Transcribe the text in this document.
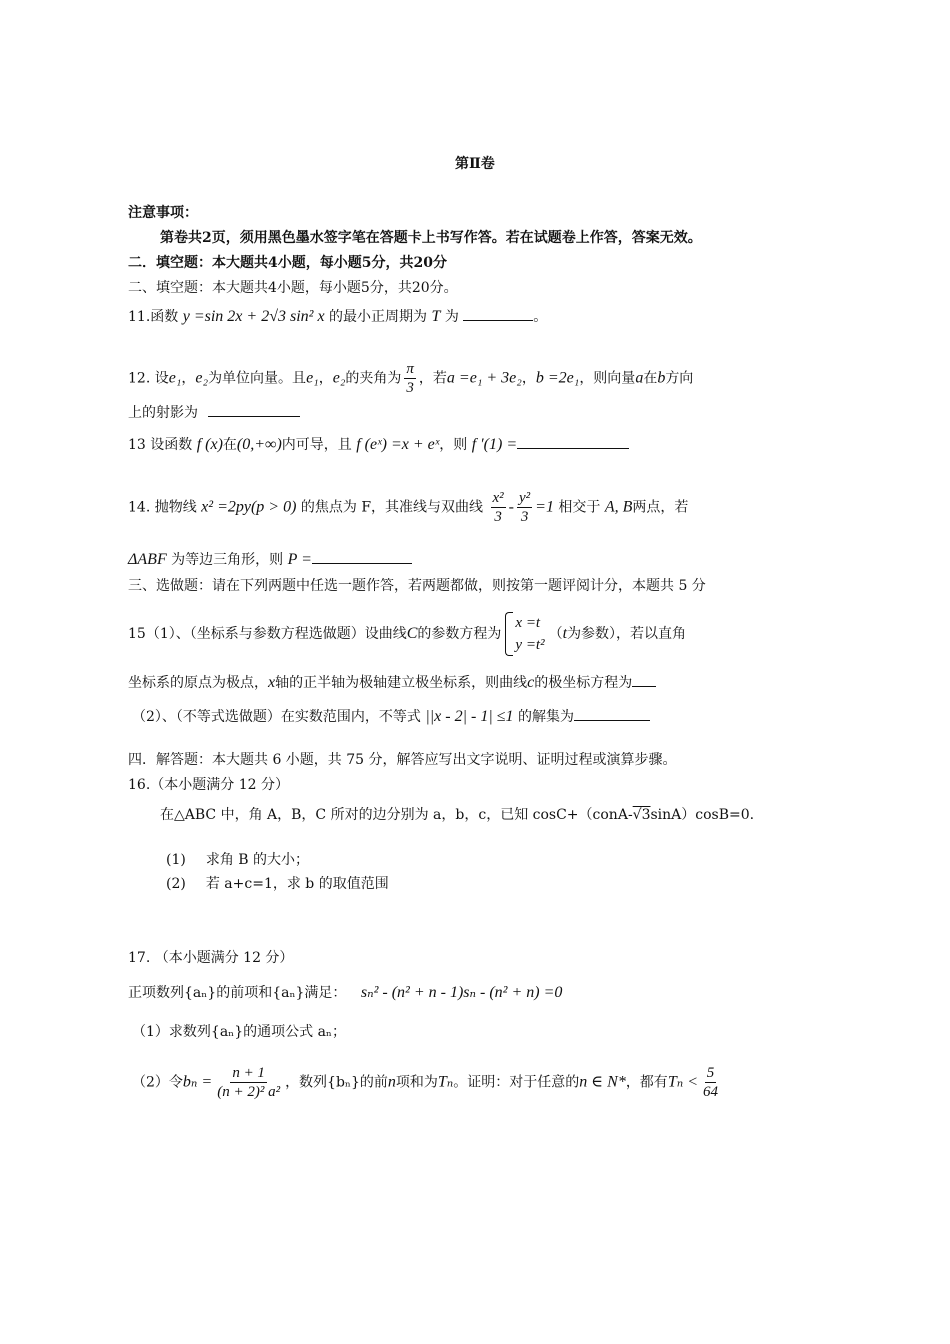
第Ⅱ卷
注意事项：
第卷共2页，须用黑色墨水签字笔在答题卡上书写作答。若在试题卷上作答，答案无效。
二．填空题：本大题共4小题，每小题5分，共20分
二、填空题：本大题共4小题，每小题5分，共20分。
11.函数 y =sin 2x + 2√3 sin² x 的最小正周期为 T 为	。
12. 设e₁，e₂为单位向量。且e₁，e₂的夹角为 $\frac{\pi}{3}$ ，若a =e₁ + 3e₂，b =2e₁，则向量a在b方向
上的射影为
13 设函数 f (x)在(0,+∞)内可导，且 f (eˣ) =x + eˣ，则 f ′(1) =
14. 抛物线 x² =2py(p > 0) 的焦点为 F，其准线与双曲线 $\frac{\text{x²}}{3} - \frac{\text{y²}}{3} =1$ 相交于 A, B两点，若
ΔABF 为等边三角形，则 P =
三、选做题：请在下列两题中任选一题作答，若两题都做，则按第一题评阅计分，本题共 5 分
15（1）、（坐标系与参数方程选做题）设曲线C的参数方程为
x =t
y =t²
（t为参数），若以直角
坐标系的原点为极点，x轴的正半轴为极轴建立极坐标系，则曲线c的极坐标方程为
（2）、（不等式选做题）在实数范围内，不等式 ||x - 2| - 1| ≤1 的解集为
四．解答题：本大题共 6 小题，共 75 分，解答应写出文字说明、证明过程或演算步骤。
16.（本小题满分 12 分）
在△ABC 中，角 A，B，C 所对的边分别为 a，b，c，已知 cosC+（conA-√3sinA）cosB=0.
(1) 求角 B 的大小；
(2) 若 a+c=1，求 b 的取值范围
17. （本小题满分 12 分）
正项数列{aₙ}的前项和{aₙ}满足： sₙ² - (n² + n - 1)sₙ - (n² + n) =0
（1）求数列{aₙ}的通项公式 aₙ；
（2）令$b_n = \frac{n + 1}{\text{(n + 2)² a²}}$ ，数列{bₙ}的前n项和为Tₙ。证明：对于任意的n ∈ N*，都有$T_n < \frac{5}{64}$
